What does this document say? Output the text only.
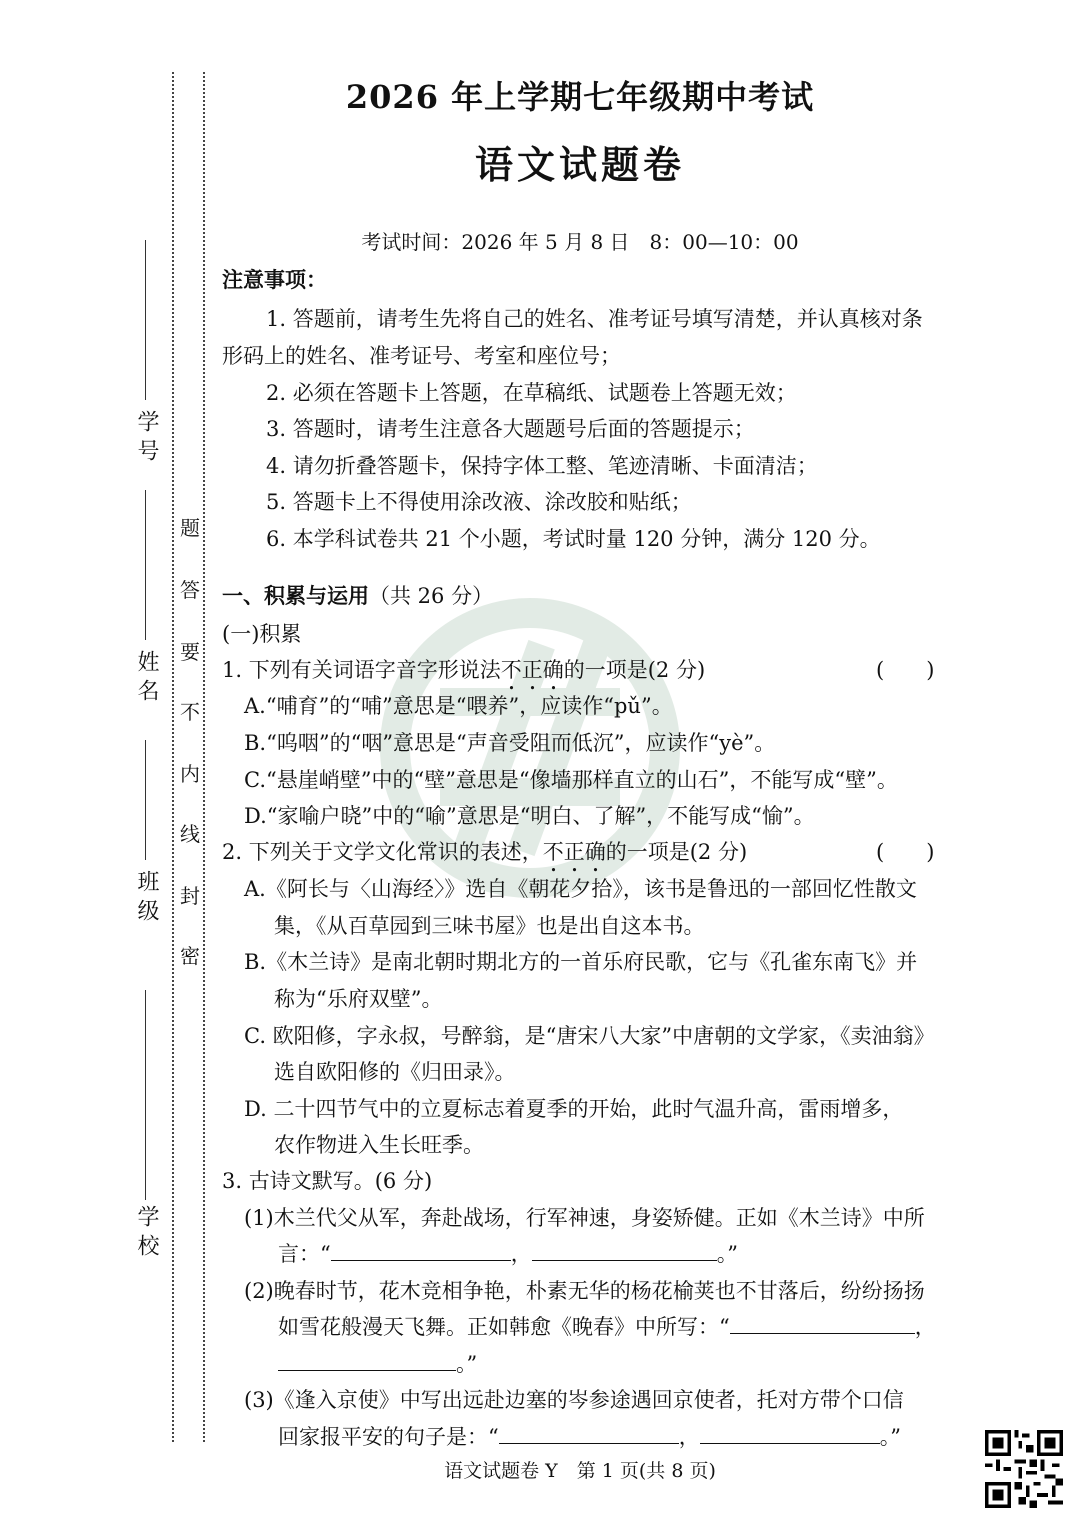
学 号
姓 名
班 级
学 校
密
封
线
内
不
要
答
题
2026 年上学期七年级期中考试
语文试题卷
考试时间：2026 年 5 月 8 日　8：00—10：00
注意事项：
1. 答题前，请考生先将自己的姓名、准考证号填写清楚，并认真核对条
形码上的姓名、准考证号、考室和座位号；
2. 必须在答题卡上答题，在草稿纸、试题卷上答题无效；
3. 答题时，请考生注意各大题题号后面的答题提示；
4. 请勿折叠答题卡，保持字体工整、笔迹清晰、卡面清洁；
5. 答题卡上不得使用涂改液、涂改胶和贴纸；
6. 本学科试卷共 21 个小题，考试时量 120 分钟，满分 120 分。
一、积累与运用（共 26 分）
(一)积累
1. 下列有关词语字音字形说法不正确的一项是(2 分)	(　　)
A.“哺育”的“哺”意思是“喂养”，应读作“pǔ”。
B.“呜咽”的“咽”意思是“声音受阻而低沉”，应读作“yè”。
C.“悬崖峭壁”中的“壁”意思是“像墙那样直立的山石”，不能写成“壁”。
D.“家喻户晓”中的“喻”意思是“明白、了解”，不能写成“愉”。
2. 下列关于文学文化常识的表述，不正确的一项是(2 分)	(　　)
A.《阿长与〈山海经〉》选自《朝花夕拾》，该书是鲁迅的一部回忆性散文
集，《从百草园到三味书屋》也是出自这本书。
B.《木兰诗》是南北朝时期北方的一首乐府民歌，它与《孔雀东南飞》并
称为“乐府双壁”。
C. 欧阳修，字永叔，号醉翁，是“唐宋八大家”中唐朝的文学家，《卖油翁》
选自欧阳修的《归田录》。
D. 二十四节气中的立夏标志着夏季的开始，此时气温升高，雷雨增多，
农作物进入生长旺季。
3. 古诗文默写。(6 分)
(1)木兰代父从军，奔赴战场，行军神速，身姿矫健。正如《木兰诗》中所
言：“	，	。”
(2)晚春时节，花木竞相争艳，朴素无华的杨花榆荚也不甘落后，纷纷扬扬
如雪花般漫天飞舞。正如韩愈《晚春》中所写：“	，
。”
(3)《逢入京使》中写出远赴边塞的岑参途遇回京使者，托对方带个口信
回家报平安的句子是：“	，	。”
语文试题卷 Y　第 1 页(共 8 页)
